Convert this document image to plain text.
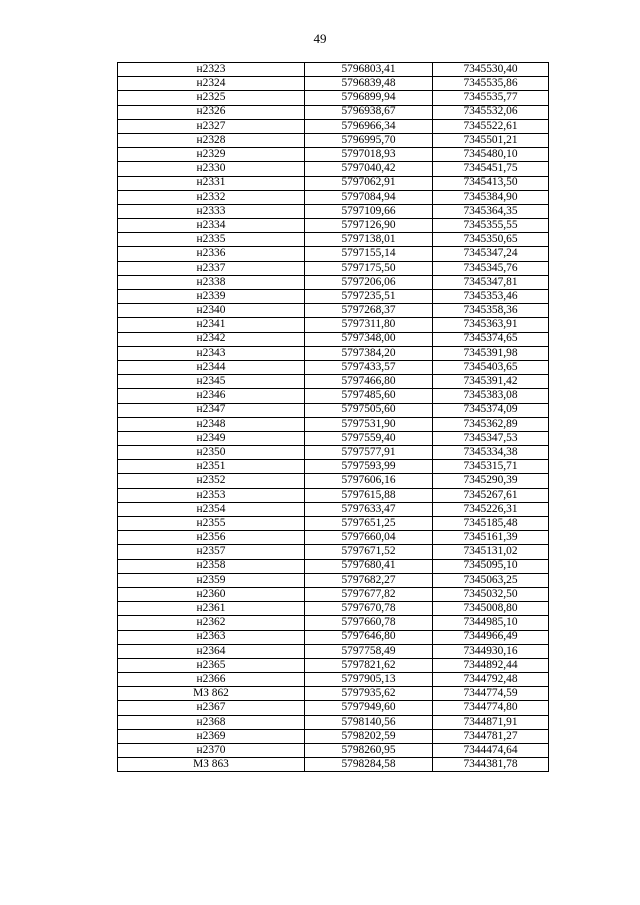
49
н2323	5796803,41	7345530,40
н2324	5796839,48	7345535,86
н2325	5796899,94	7345535,77
н2326	5796938,67	7345532,06
н2327	5796966,34	7345522,61
н2328	5796995,70	7345501,21
н2329	5797018,93	7345480,10
н2330	5797040,42	7345451,75
н2331	5797062,91	7345413,50
н2332	5797084,94	7345384,90
н2333	5797109,66	7345364,35
н2334	5797126,90	7345355,55
н2335	5797138,01	7345350,65
н2336	5797155,14	7345347,24
н2337	5797175,50	7345345,76
н2338	5797206,06	7345347,81
н2339	5797235,51	7345353,46
н2340	5797268,37	7345358,36
н2341	5797311,80	7345363,91
н2342	5797348,00	7345374,65
н2343	5797384,20	7345391,98
н2344	5797433,57	7345403,65
н2345	5797466,80	7345391,42
н2346	5797485,60	7345383,08
н2347	5797505,60	7345374,09
н2348	5797531,90	7345362,89
н2349	5797559,40	7345347,53
н2350	5797577,91	7345334,38
н2351	5797593,99	7345315,71
н2352	5797606,16	7345290,39
н2353	5797615,88	7345267,61
н2354	5797633,47	7345226,31
н2355	5797651,25	7345185,48
н2356	5797660,04	7345161,39
н2357	5797671,52	7345131,02
н2358	5797680,41	7345095,10
н2359	5797682,27	7345063,25
н2360	5797677,82	7345032,50
н2361	5797670,78	7345008,80
н2362	5797660,78	7344985,10
н2363	5797646,80	7344966,49
н2364	5797758,49	7344930,16
н2365	5797821,62	7344892,44
н2366	5797905,13	7344792,48
МЗ 862	5797935,62	7344774,59
н2367	5797949,60	7344774,80
н2368	5798140,56	7344871,91
н2369	5798202,59	7344781,27
н2370	5798260,95	7344474,64
МЗ 863	5798284,58	7344381,78
